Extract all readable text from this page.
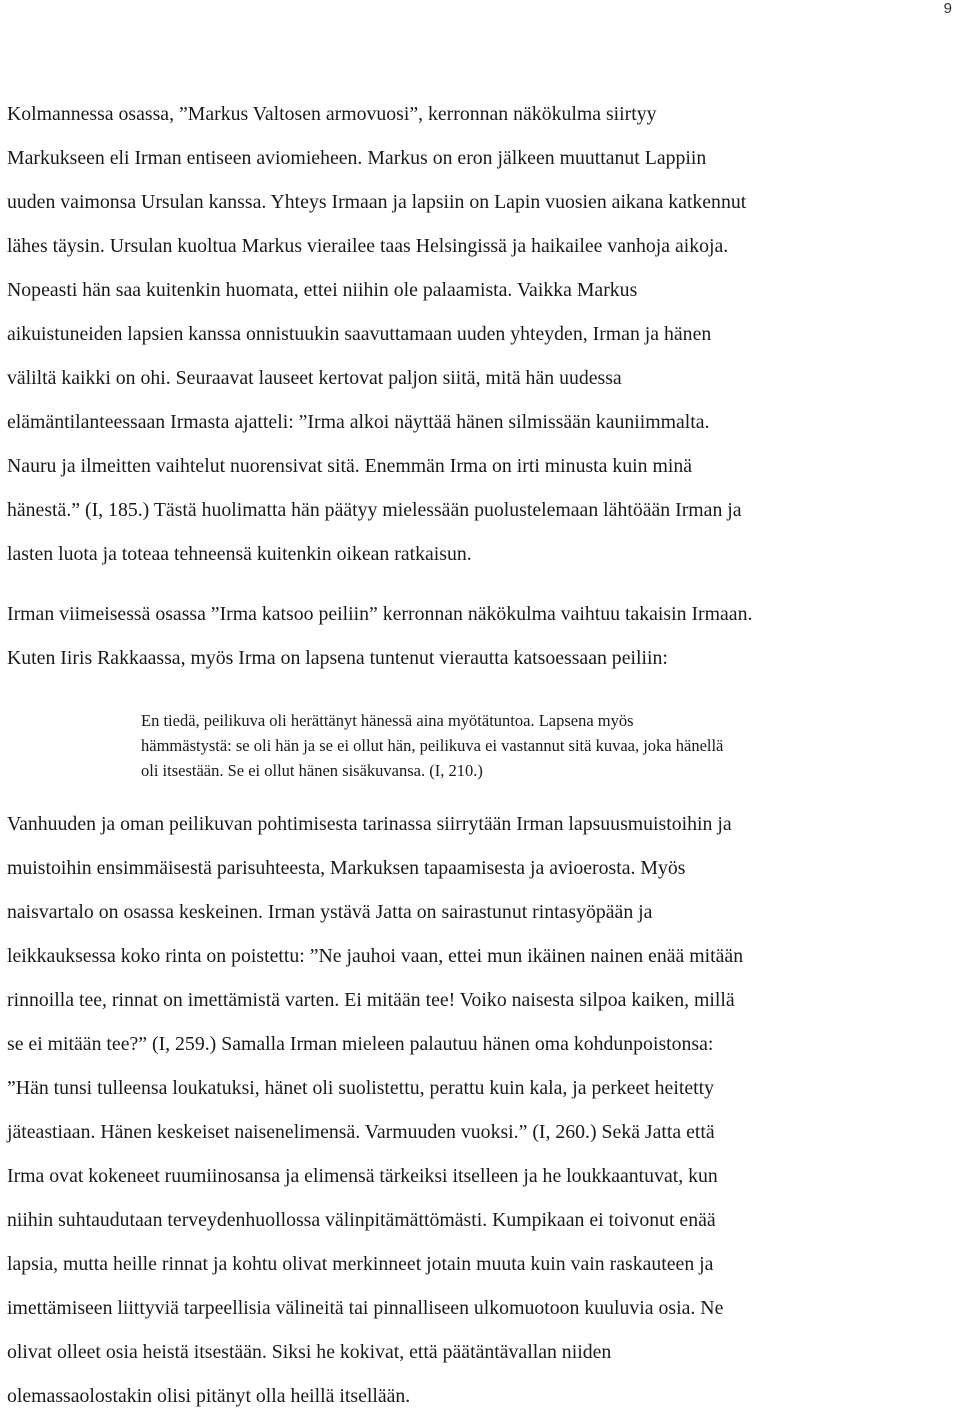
9
Kolmannessa osassa, ”Markus Valtosen armovuosi”, kerronnan näkökulma siirtyy
Markukseen eli Irman entiseen aviomieheen. Markus on eron jälkeen muuttanut Lappiin
uuden vaimonsa Ursulan kanssa. Yhteys Irmaan ja lapsiin on Lapin vuosien aikana katkennut
lähes täysin. Ursulan kuoltua Markus vierailee taas Helsingissä ja haikailee vanhoja aikoja.
Nopeasti hän saa kuitenkin huomata, ettei niihin ole palaamista. Vaikka Markus
aikuistuneiden lapsien kanssa onnistuukin saavuttamaan uuden yhteyden, Irman ja hänen
väliltä kaikki on ohi. Seuraavat lauseet kertovat paljon siitä, mitä hän uudessa
elämäntilanteessaan Irmasta ajatteli: ”Irma alkoi näyttää hänen silmissään kauniimmalta.
Nauru ja ilmeitten vaihtelut nuorensivat sitä. Enemmän Irma on irti minusta kuin minä
hänestä.” (I, 185.) Tästä huolimatta hän päätyy mielessään puolustelemaan lähtöään Irman ja
lasten luota ja toteaa tehneensä kuitenkin oikean ratkaisun.
Irman viimeisessä osassa ”Irma katsoo peiliin” kerronnan näkökulma vaihtuu takaisin Irmaan.
Kuten Iiris Rakkaassa, myös Irma on lapsena tuntenut vierautta katsoessaan peiliin:
En tiedä, peilikuva oli herättänyt hänessä aina myötätuntoa. Lapsena myös
hämmästystä: se oli hän ja se ei ollut hän, peilikuva ei vastannut sitä kuvaa, joka hänellä
oli itsestään. Se ei ollut hänen sisäkuvansa. (I, 210.)
Vanhuuden ja oman peilikuvan pohtimisesta tarinassa siirrytään Irman lapsuusmuistoihin ja
muistoihin ensimmäisestä parisuhteesta, Markuksen tapaamisesta ja avioerosta. Myös
naisvartalo on osassa keskeinen. Irman ystävä Jatta on sairastunut rintasyöpään ja
leikkauksessa koko rinta on poistettu: ”Ne jauhoi vaan, ettei mun ikäinen nainen enää mitään
rinnoilla tee, rinnat on imettämistä varten. Ei mitään tee! Voiko naisesta silpoa kaiken, millä
se ei mitään tee?” (I, 259.) Samalla Irman mieleen palautuu hänen oma kohdunpoistonsa:
”Hän tunsi tulleensa loukatuksi, hänet oli suolistettu, perattu kuin kala, ja perkeet heitetty
jäteastiaan. Hänen keskeiset naisenelimensä. Varmuuden vuoksi.” (I, 260.) Sekä Jatta että
Irma ovat kokeneet ruumiinosansa ja elimensä tärkeiksi itselleen ja he loukkaantuvat, kun
niihin suhtaudutaan terveydenhuollossa välinpitämättömästi. Kumpikaan ei toivonut enää
lapsia, mutta heille rinnat ja kohtu olivat merkinneet jotain muuta kuin vain raskauteen ja
imettämiseen liittyviä tarpeellisia välineitä tai pinnalliseen ulkomuotoon kuuluvia osia. Ne
olivat olleet osia heistä itsestään. Siksi he kokivat, että päätäntävallan niiden
olemassaolostakin olisi pitänyt olla heillä itsellään.
